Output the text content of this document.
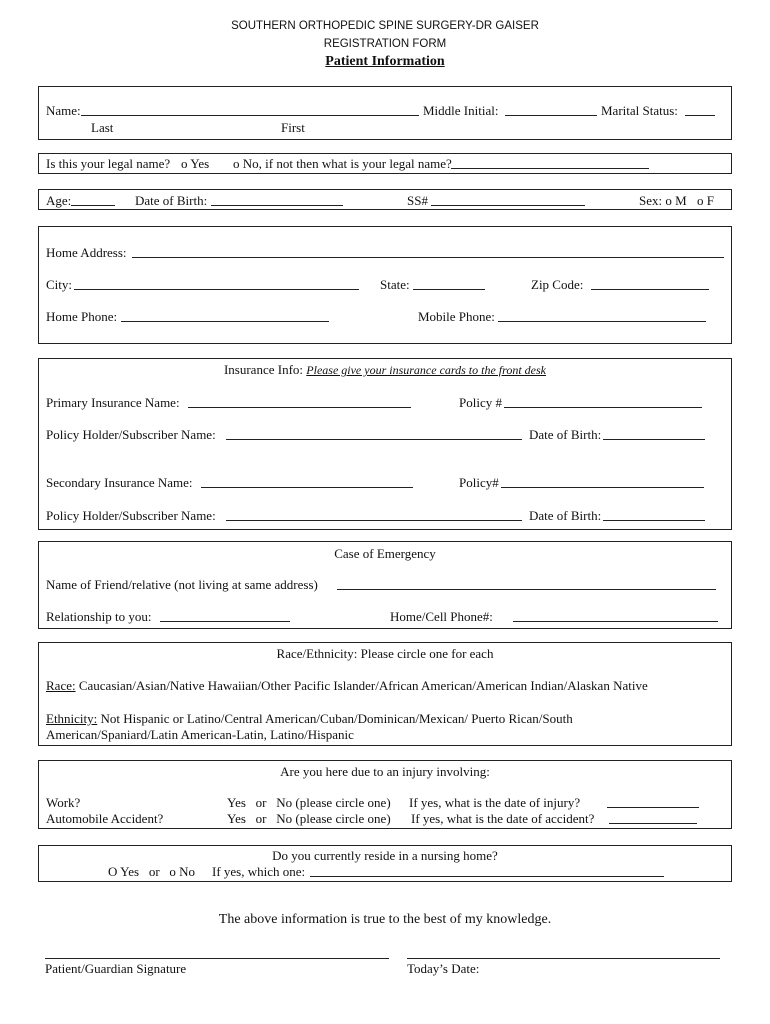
SOUTHERN ORTHOPEDIC SPINE SURGERY-DR GAISER
REGISTRATION FORM
Patient Information
Name:	Middle Initial:	Marital Status:
Last	First
Is this your legal name? o Yes o No, if not then what is your legal name?
Age:	Date of Birth:	SS#	Sex: o M o F
Home Address:
City:	State:	Zip Code:
Home Phone:	Mobile Phone:
Insurance Info: Please give your insurance cards to the front desk
Primary Insurance Name:	Policy #
Policy Holder/Subscriber Name:	Date of Birth:
Secondary Insurance Name:	Policy#
Policy Holder/Subscriber Name:	Date of Birth:
Case of Emergency
Name of Friend/relative (not living at same address)
Relationship to you:	Home/Cell Phone#:
Race/Ethnicity: Please circle one for each
Race: Caucasian/Asian/Native Hawaiian/Other Pacific Islander/African American/American Indian/Alaskan Native
Ethnicity: Not Hispanic or Latino/Central American/Cuban/Dominican/Mexican/ Puerto Rican/South
American/Spaniard/Latin American-Latin, Latino/Hispanic
Are you here due to an injury involving:
Work?	Yes   or   No (please circle one) If yes, what is the date of injury?
Automobile Accident?	Yes   or   No (please circle one) If yes, what is the date of accident?
Do you currently reside in a nursing home?
O Yes   or   o No If yes, which one:
The above information is true to the best of my knowledge.
Patient/Guardian Signature	Today’s Date:
